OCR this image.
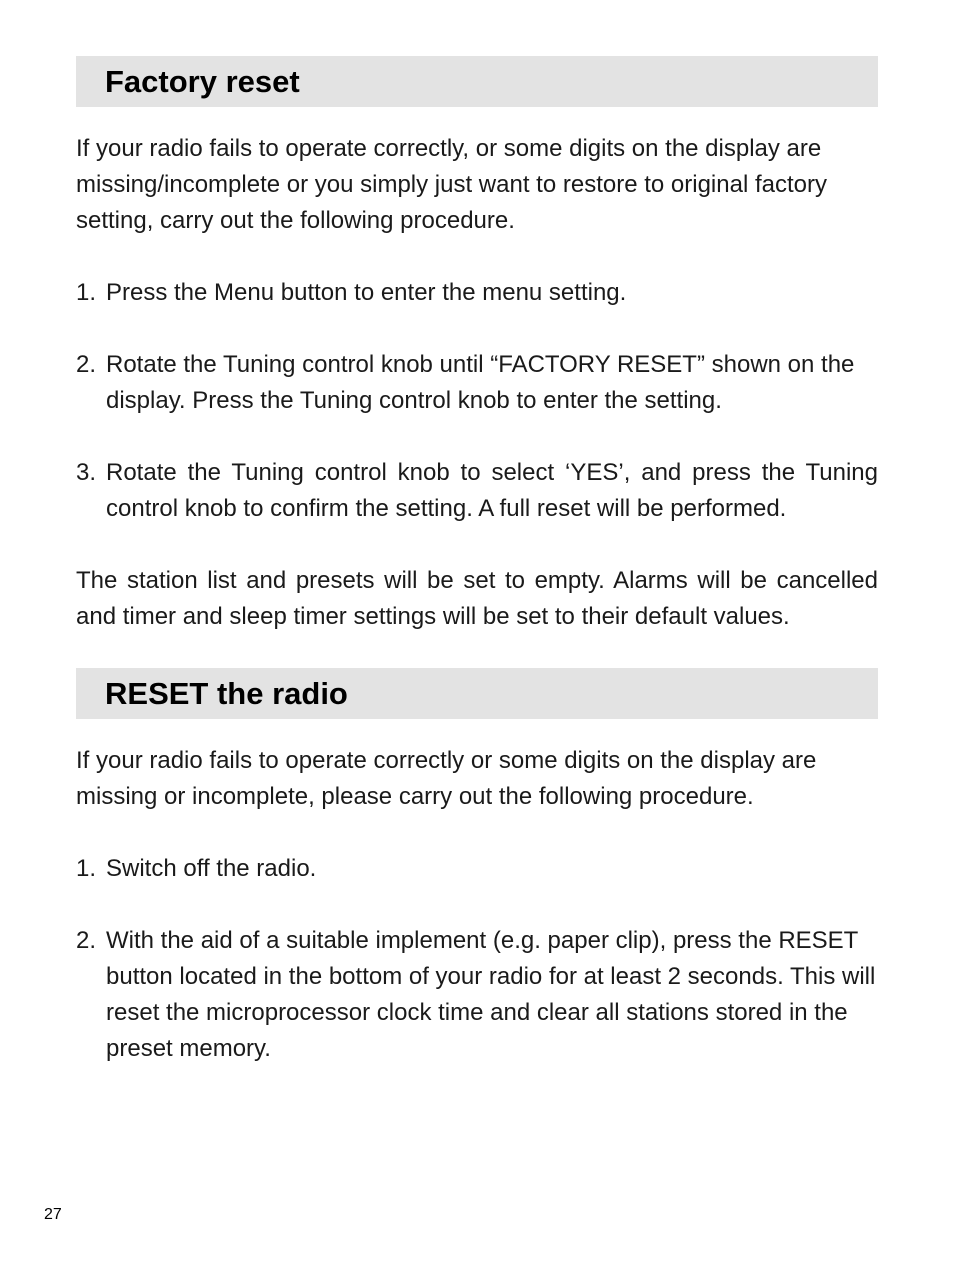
Factory reset

If your radio fails to operate correctly, or some digits on the display are missing/incomplete or you simply just want to restore to original factory setting, carry out the following procedure.

1. Press the Menu button to enter the menu setting.
2. Rotate the Tuning control knob until “FACTORY RESET” shown on the display. Press the Tuning control knob to enter the setting.
3. Rotate the Tuning control knob to select ‘YES’, and press the Tuning control knob to confirm the setting. A full reset will be performed.

The station list and presets will be set to empty. Alarms will be cancelled and timer and sleep timer settings will be set to their default values.

RESET the radio

If your radio fails to operate correctly or some digits on the display are missing or incomplete, please carry out the following procedure.

1. Switch off the radio.
2. With the aid of a suitable implement (e.g. paper clip), press the RESET button located in the bottom of your radio for at least 2 seconds. This will reset the microprocessor clock time and clear all stations stored in the preset memory.
27
